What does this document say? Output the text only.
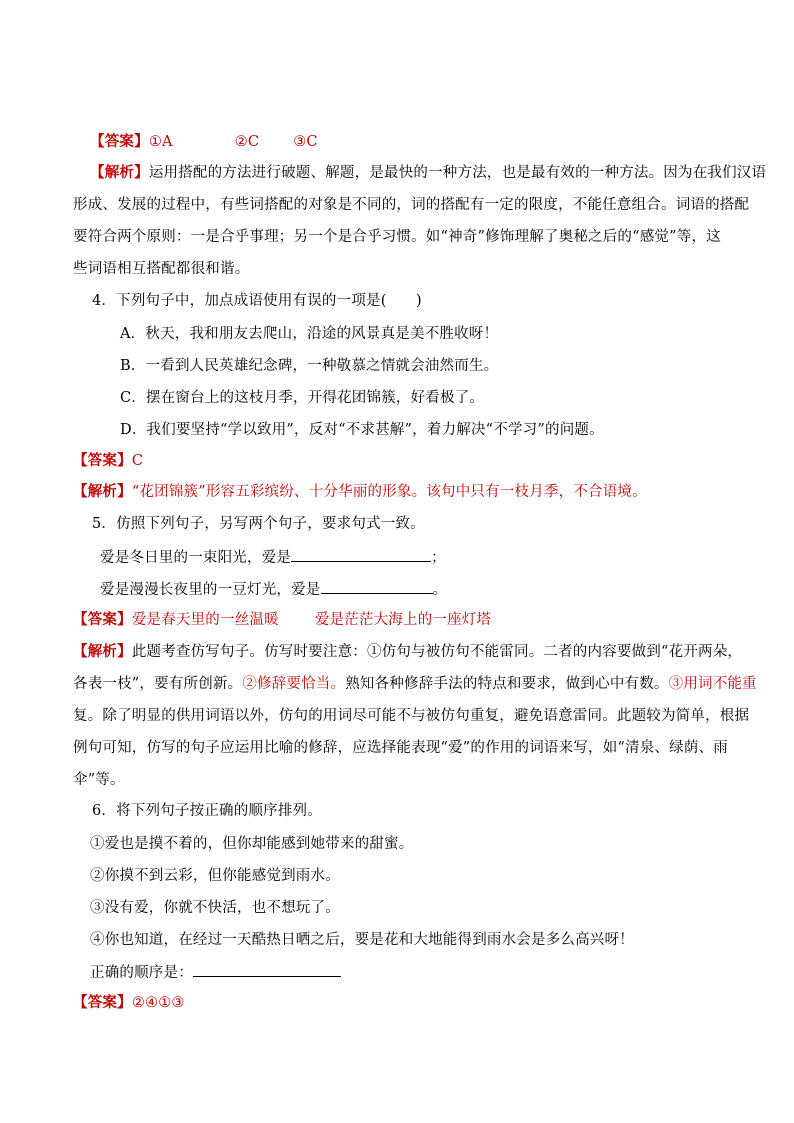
【答案】①A	②C ③C
【解析】运用搭配的方法进行破题、解题，是最快的一种方法，也是最有效的一种方法。因为在我们汉语
形成、发展的过程中，有些词搭配的对象是不同的，词的搭配有一定的限度，不能任意组合。词语的搭配
要符合两个原则：一是合乎事理；另一个是合乎习惯。如“神奇”修饰理解了奥秘之后的“感觉”等，这
些词语相互搭配都很和谐。
4．下列句子中，加点成语使用有误的一项是(　　)
A．秋天，我和朋友去爬山，沿途的风景真是美不胜收呀！
B．一看到人民英雄纪念碑，一种敬慕之情就会油然而生。
C．摆在窗台上的这枝月季，开得花团锦簇，好看极了。
D．我们要坚持“学以致用”，反对“不求甚解”，着力解决“不学习”的问题。
【答案】C
【解析】“花团锦簇”形容五彩缤纷、十分华丽的形象。该句中只有一枝月季，不合语境。
5．仿照下列句子，另写两个句子，要求句式一致。
爱是冬日里的一束阳光，爱是	；
爱是漫漫长夜里的一豆灯光，爱是	。
【答案】爱是春天里的一丝温暖 爱是茫茫大海上的一座灯塔
【解析】此题考查仿写句子。仿写时要注意：①仿句与被仿句不能雷同。二者的内容要做到“花开两朵，
各表一枝”，要有所创新。②修辞要恰当。熟知各种修辞手法的特点和要求，做到心中有数。③用词不能重
复。除了明显的供用词语以外，仿句的用词尽可能不与被仿句重复，避免语意雷同。此题较为简单，根据
例句可知，仿写的句子应运用比喻的修辞，应选择能表现“爱”的作用的词语来写，如“清泉、绿荫、雨
伞”等。
6．将下列句子按正确的顺序排列。
①爱也是摸不着的，但你却能感到她带来的甜蜜。
②你摸不到云彩，但你能感觉到雨水。
③没有爱，你就不快活，也不想玩了。
④你也知道，在经过一天酷热日晒之后，要是花和大地能得到雨水会是多么高兴呀！
正确的顺序是：
【答案】②④①③
